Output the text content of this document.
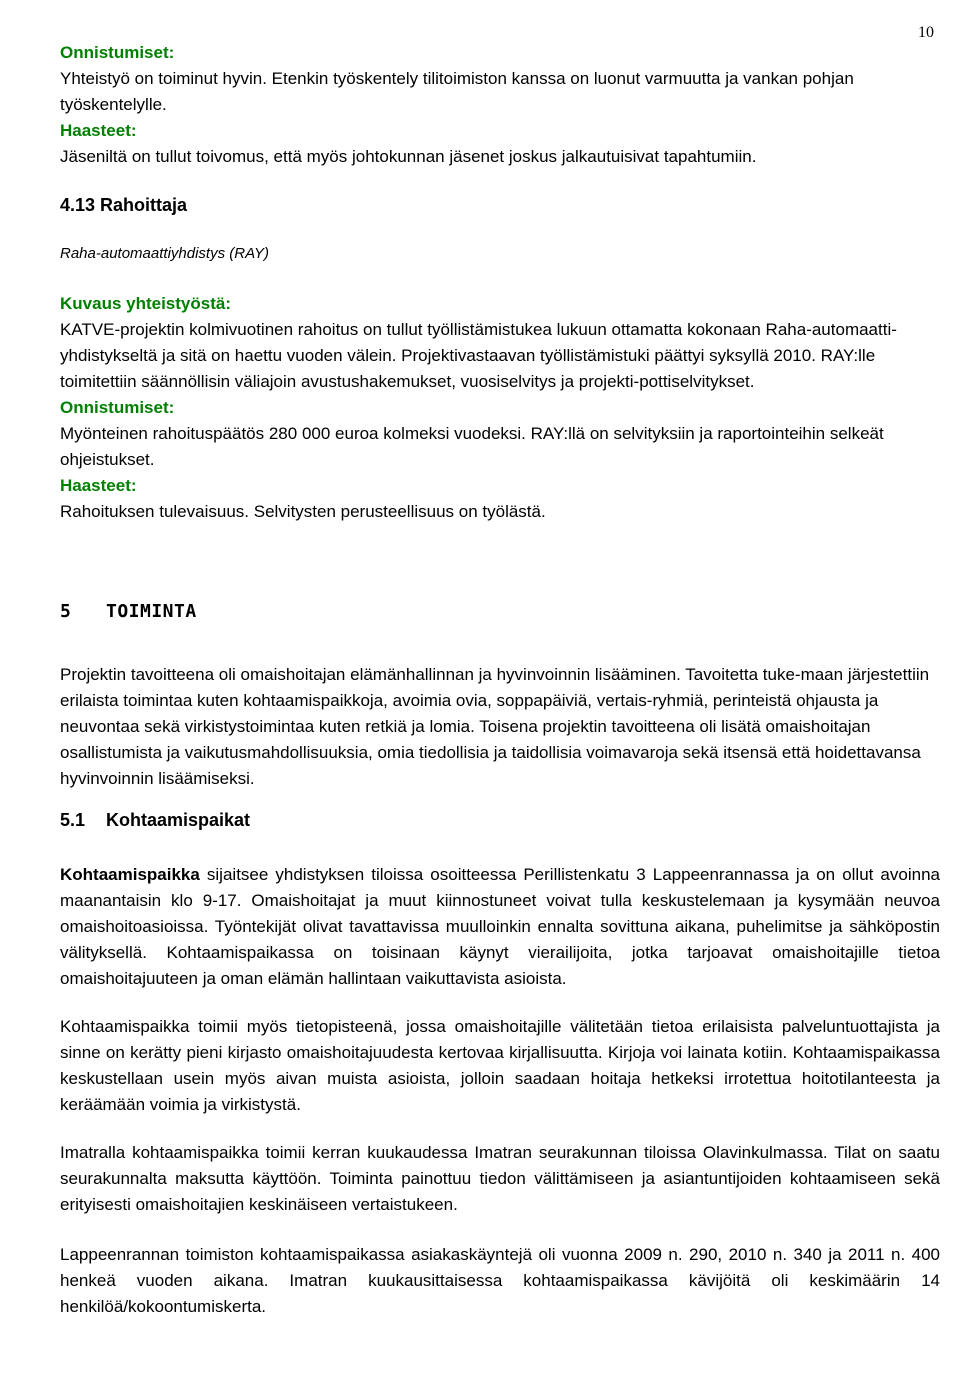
10
Onnistumiset:
Yhteistyö on toiminut hyvin. Etenkin työskentely tilitoimiston kanssa on luonut varmuutta ja vankan pohjan työskentelylle.
Haasteet:
Jäseniltä on tullut toivomus, että myös johtokunnan jäsenet joskus jalkautuisivat tapahtumiin.
4.13 Rahoittaja
Raha-automaattiyhdistys (RAY)
Kuvaus yhteistyöstä:
KATVE-projektin kolmivuotinen rahoitus on tullut työllistämistukea lukuun ottamatta kokonaan Raha-automaatti-yhdistykseltä ja sitä on haettu vuoden välein. Projektivastaavan työllistämistuki päättyi syksyllä 2010. RAY:lle toimitettiin säännöllisin väliajoin avustushakemukset, vuosiselvitys ja projekti-pottiselvitykset.
Onnistumiset:
Myönteinen rahoituspäätös 280 000 euroa kolmeksi vuodeksi. RAY:llä on selvityksiin ja raportointeihin selkeät ohjeistukset.
Haasteet:
Rahoituksen tulevaisuus. Selvitysten perusteellisuus on työlästä.
5 TOIMINTA
Projektin tavoitteena oli omaishoitajan elämänhallinnan ja hyvinvoinnin lisääminen. Tavoitetta tuke-maan järjestettiin erilaista toimintaa kuten kohtaamispaikkoja, avoimia ovia, soppapäiviä, vertais-ryhmiä, perinteistä ohjausta ja neuvontaa sekä virkistystoimintaa kuten retkiä ja lomia. Toisena projektin tavoitteena oli lisätä omaishoitajan osallistumista ja vaikutusmahdollisuuksia, omia tiedollisia ja taidollisia voimavaroja sekä itsensä että hoidettavansa hyvinvoinnin lisäämiseksi.
5.1 Kohtaamispaikat
Kohtaamispaikka sijaitsee yhdistyksen tiloissa osoitteessa Perillistenkatu 3 Lappeenrannassa ja on ollut avoinna maanantaisin klo 9-17. Omaishoitajat ja muut kiinnostuneet voivat tulla keskustelemaan ja kysymään neuvoa omaishoitoasioissa. Työntekijät olivat tavattavissa muulloinkin ennalta sovittuna aikana, puhelimitse ja sähköpostin välityksellä. Kohtaamispaikassa on toisinaan käynyt vierailijoita, jotka tarjoavat omaishoitajille tietoa omaishoitajuuteen ja oman elämän hallintaan vaikuttavista asioista.
Kohtaamispaikka toimii myös tietopisteenä, jossa omaishoitajille välitetään tietoa erilaisista palveluntuottajista ja sinne on kerätty pieni kirjasto omaishoitajuudesta kertovaa kirjallisuutta. Kirjoja voi lainata kotiin. Kohtaamispaikassa keskustellaan usein myös aivan muista asioista, jolloin saadaan hoitaja hetkeksi irrotettua hoitotilanteesta ja keräämään voimia ja virkistystä.
Imatralla kohtaamispaikka toimii kerran kuukaudessa Imatran seurakunnan tiloissa Olavinkulmassa. Tilat on saatu seurakunnalta maksutta käyttöön. Toiminta painottuu tiedon välittämiseen ja asiantuntijoiden kohtaamiseen sekä erityisesti omaishoitajien keskinäiseen vertaistukeen.
Lappeenrannan toimiston kohtaamispaikassa asiakaskäyntejä oli vuonna 2009 n. 290, 2010 n. 340 ja 2011 n. 400 henkeä vuoden aikana. Imatran kuukausittaisessa kohtaamispaikassa kävijöitä oli keskimäärin 14 henkilöä/kokoontumiskerta.
